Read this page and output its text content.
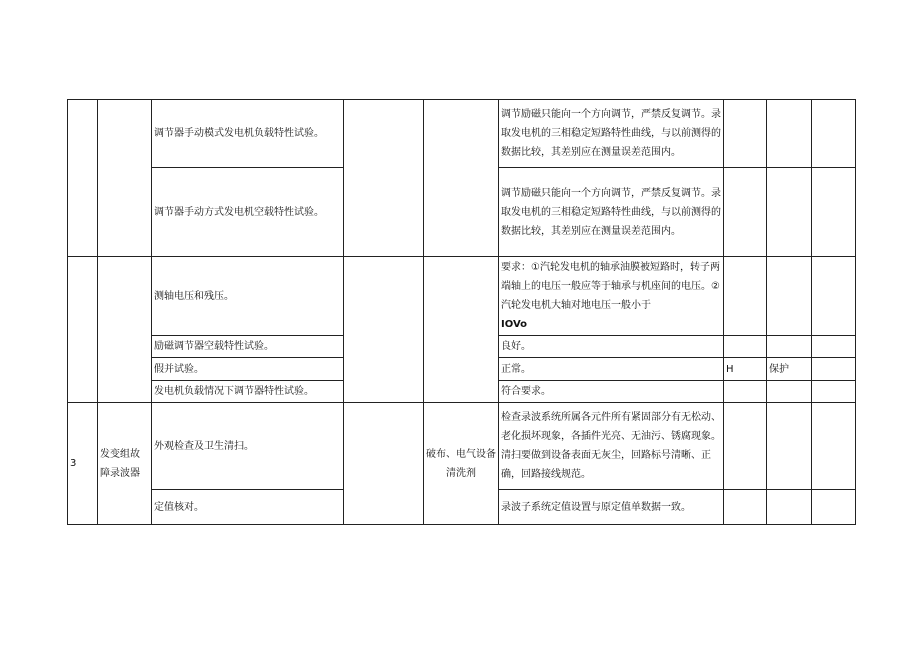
		调节器手动模式发电机负载特性试验。			调节励磁只能向一个方向调节，严禁反复调节。录取发电机的三相稳定短路特性曲线，与以前测得的数据比较，其差别应在测量误差范围内。			
		调节器手动方式发电机空载特性试验。			调节励磁只能向一个方向调节，严禁反复调节。录取发电机的三相稳定短路特性曲线，与以前测得的数据比较，其差别应在测量误差范围内。			
		测轴电压和残压。			要求：①汽轮发电机的轴承油膜被短路时，转子两端轴上的电压一般应等于轴承与机座间的电压。②汽轮发电机大轴对地电压一般小于
IOVo			
		励磁调节器空载特性试验。			良好。			
		假并试验。			正常。	H	保护	
		发电机负载情况下调节器特性试验。			符合要求。			
3	发变组故障录波器	外观检查及卫生清扫。		破布、电气设备清洗剂	检查录波系统所属各元件所有紧固部分有无松动、老化损坏现象，各插件光亮、无油污、锈腐现象。清扫要做到设备表面无灰尘，回路标号清晰、正确，回路接线规范。			
		定值核对。			录波子系统定值设置与原定值单数据一致。			
